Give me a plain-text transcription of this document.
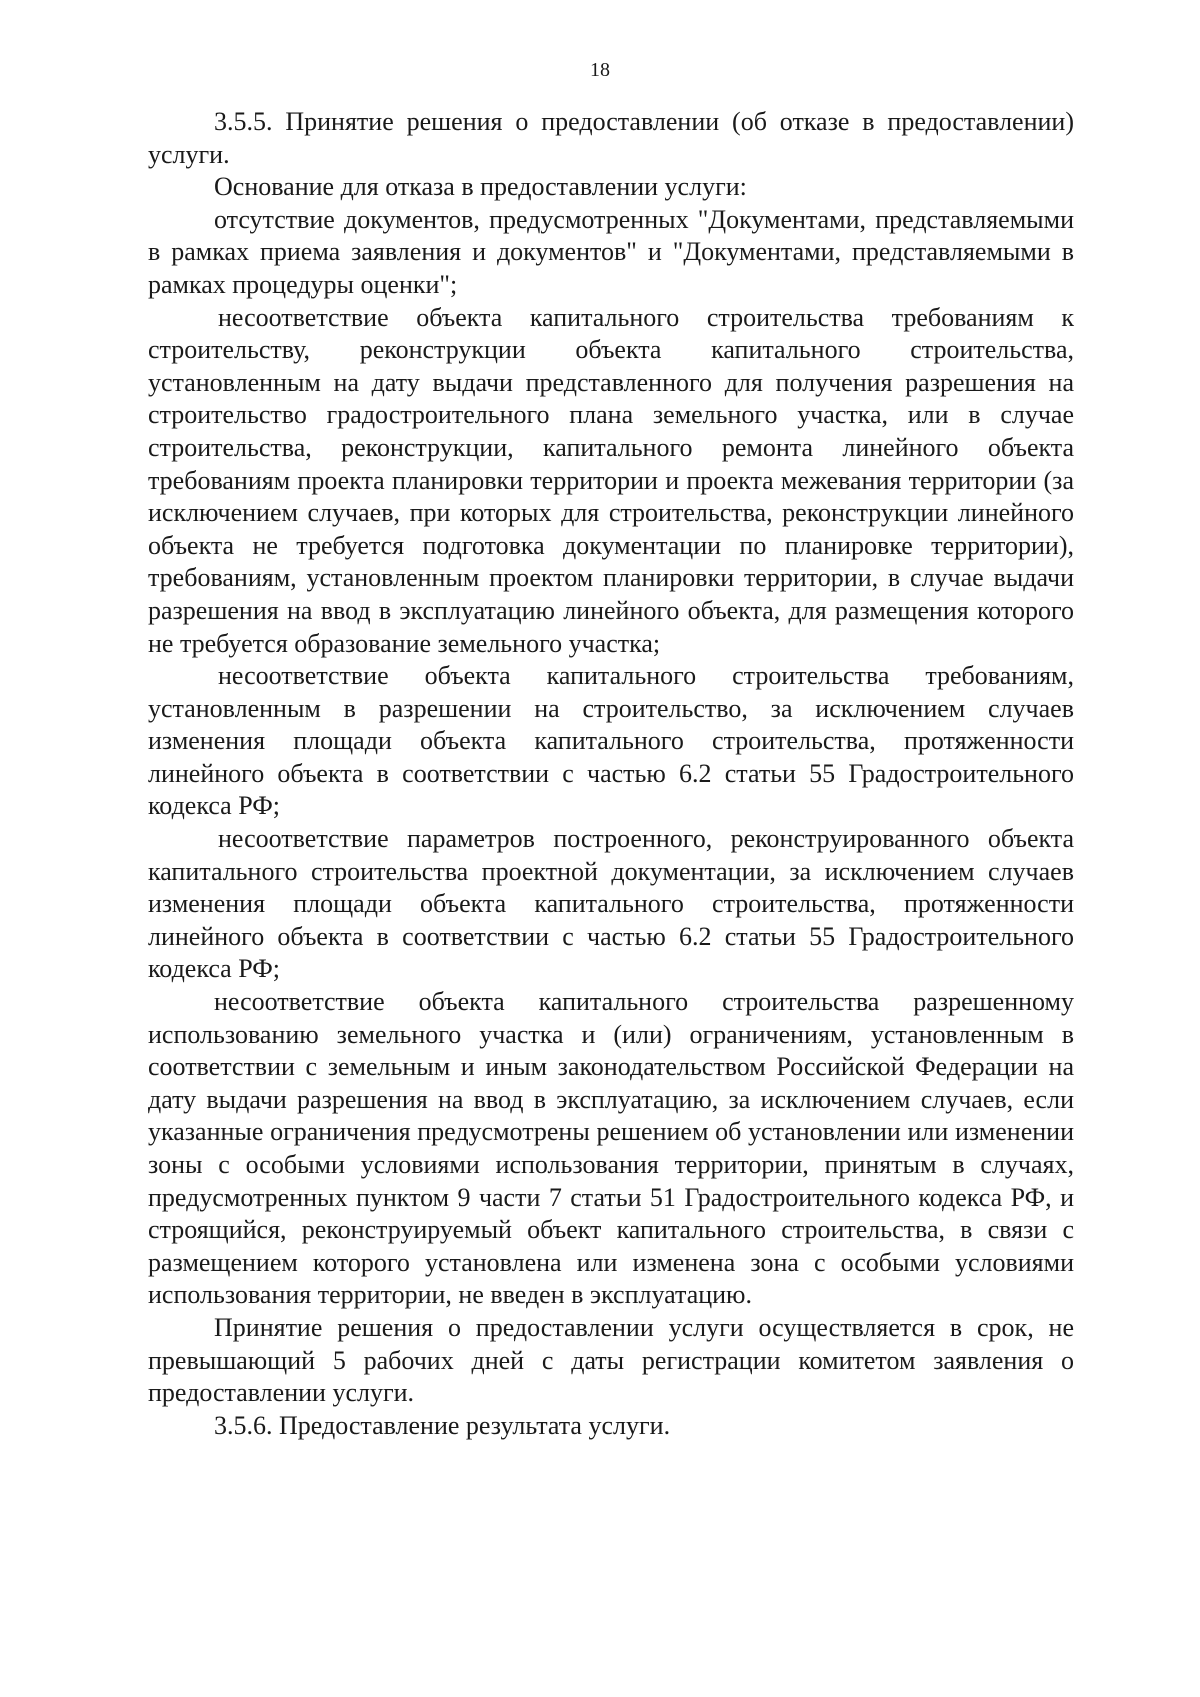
18

3.5.5. Принятие решения о предоставлении (об отказе в предоставлении) услуги.

Основание для отказа в предоставлении услуги:

отсутствие документов, предусмотренных "Документами, представляемыми в рамках приема заявления и документов" и "Документами, представляемыми в рамках процедуры оценки";

несоответствие объекта капитального строительства требованиям к строительству, реконструкции объекта капитального строительства, установленным на дату выдачи представленного для получения разрешения на строительство градостроительного плана земельного участка, или в случае строительства, реконструкции, капитального ремонта линейного объекта требованиям проекта планировки территории и проекта межевания территории (за исключением случаев, при которых для строительства, реконструкции линейного объекта не требуется подготовка документации по планировке территории), требованиям, установленным проектом планировки территории, в случае выдачи разрешения на ввод в эксплуатацию линейного объекта, для размещения которого не требуется образование земельного участка;

несоответствие объекта капитального строительства требованиям, установленным в разрешении на строительство, за исключением случаев изменения площади объекта капитального строительства, протяженности линейного объекта в соответствии с частью 6.2 статьи 55 Градостроительного кодекса РФ;

несоответствие параметров построенного, реконструированного объекта капитального строительства проектной документации, за исключением случаев изменения площади объекта капитального строительства, протяженности линейного объекта в соответствии с частью 6.2 статьи 55 Градостроительного кодекса РФ;

несоответствие объекта капитального строительства разрешенному использованию земельного участка и (или) ограничениям, установленным в соответствии с земельным и иным законодательством Российской Федерации на дату выдачи разрешения на ввод в эксплуатацию, за исключением случаев, если указанные ограничения предусмотрены решением об установлении или изменении зоны с особыми условиями использования территории, принятым в случаях, предусмотренных пунктом 9 части 7 статьи 51 Градостроительного кодекса РФ, и строящийся, реконструируемый объект капитального строительства, в связи с размещением которого установлена или изменена зона с особыми условиями использования территории, не введен в эксплуатацию.

Принятие решения о предоставлении услуги осуществляется в срок, не превышающий 5 рабочих дней с даты регистрации комитетом заявления о предоставлении услуги.

3.5.6. Предоставление результата услуги.
